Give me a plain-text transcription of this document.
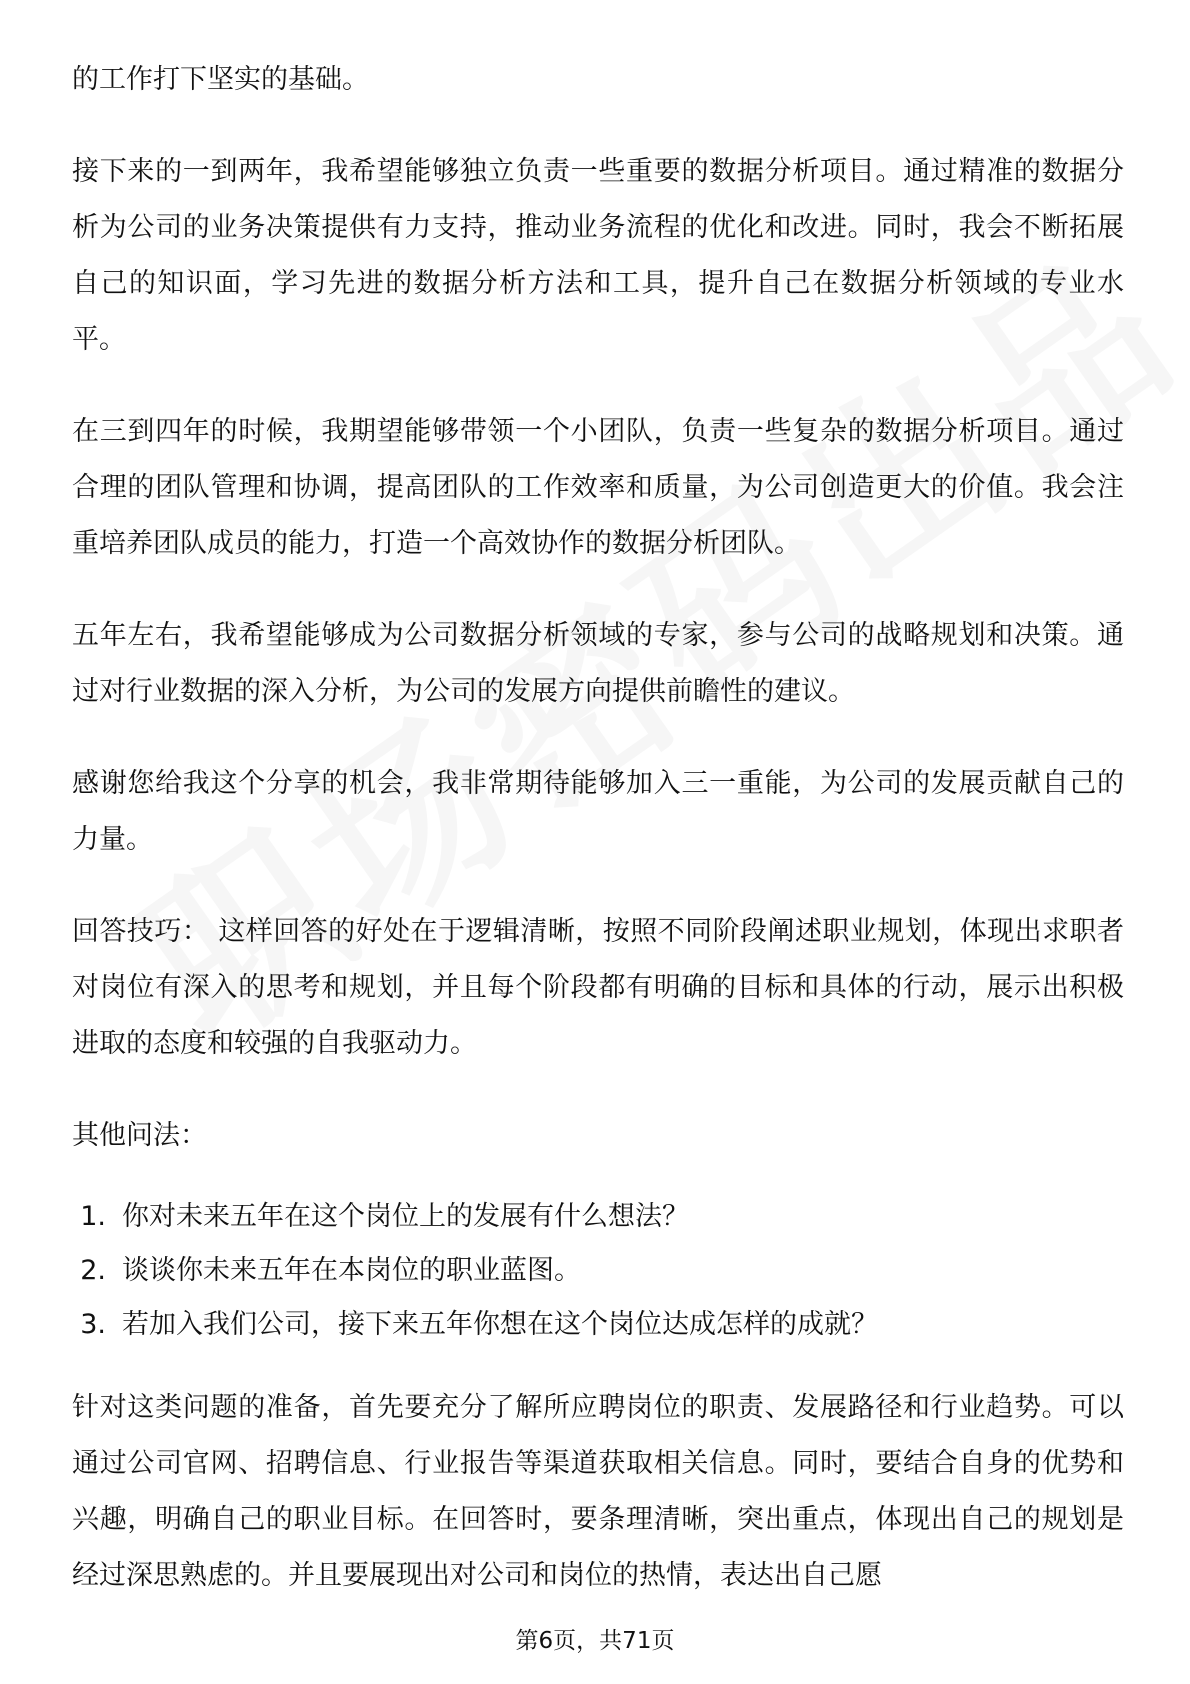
的工作打下坚实的基础。

接下来的一到两年，我希望能够独立负责一些重要的数据分析项目。通过精准的数据分析为公司的业务决策提供有力支持，推动业务流程的优化和改进。同时，我会不断拓展自己的知识面，学习先进的数据分析方法和工具，提升自己在数据分析领域的专业水平。

在三到四年的时候，我期望能够带领一个小团队，负责一些复杂的数据分析项目。通过合理的团队管理和协调，提高团队的工作效率和质量，为公司创造更大的价值。我会注重培养团队成员的能力，打造一个高效协作的数据分析团队。

五年左右，我希望能够成为公司数据分析领域的专家，参与公司的战略规划和决策。通过对行业数据的深入分析，为公司的发展方向提供前瞻性的建议。

感谢您给我这个分享的机会，我非常期待能够加入三一重能，为公司的发展贡献自己的力量。

回答技巧： 这样回答的好处在于逻辑清晰，按照不同阶段阐述职业规划，体现出求职者对岗位有深入的思考和规划，并且每个阶段都有明确的目标和具体的行动，展示出积极进取的态度和较强的自我驱动力。

其他问法：

1. 你对未来五年在这个岗位上的发展有什么想法？
2. 谈谈你未来五年在本岗位的职业蓝图。
3. 若加入我们公司，接下来五年你想在这个岗位达成怎样的成就？

针对这类问题的准备，首先要充分了解所应聘岗位的职责、发展路径和行业趋势。可以通过公司官网、招聘信息、行业报告等渠道获取相关信息。同时，要结合自身的优势和兴趣，明确自己的职业目标。在回答时，要条理清晰，突出重点，体现出自己的规划是经过深思熟虑的。并且要展现出对公司和岗位的热情，表达出自己愿

第6页，共71页
